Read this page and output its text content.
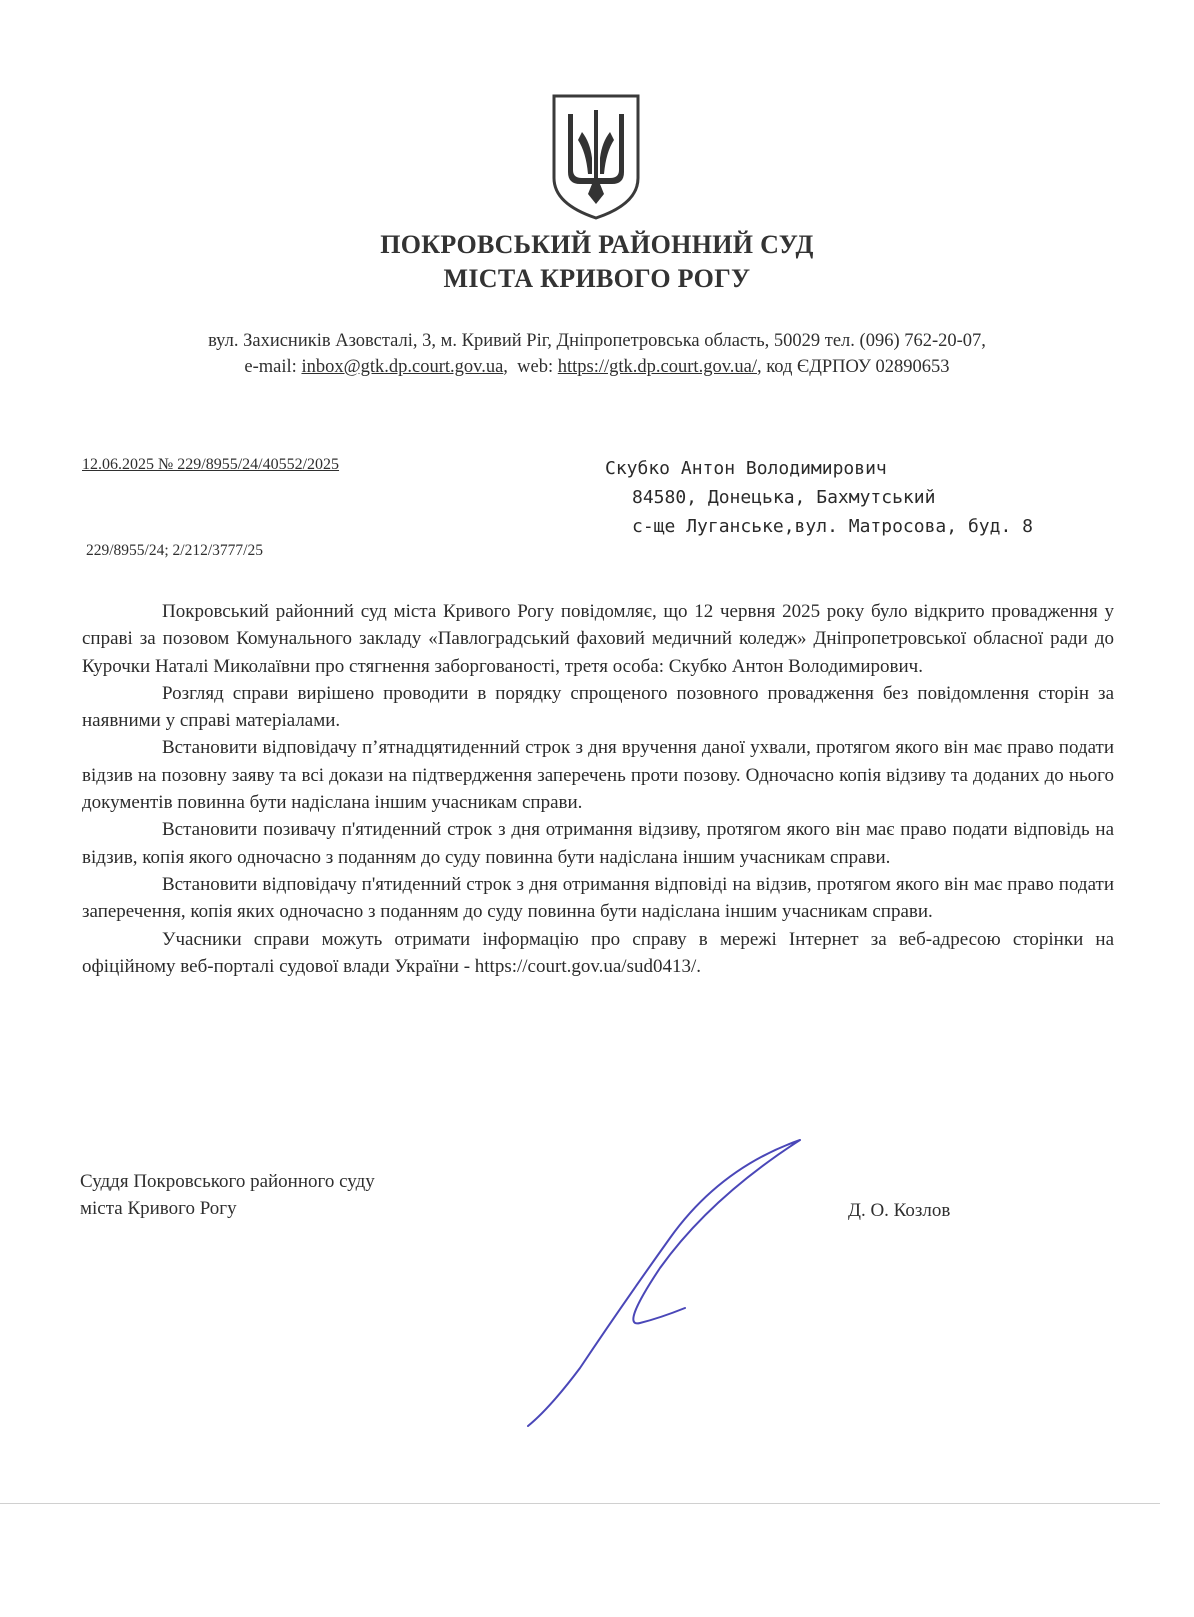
ПОКРОВСЬКИЙ РАЙОННИЙ СУД
МІСТА КРИВОГО РОГУ
вул. Захисників Азовсталі, 3, м. Кривий Ріг, Дніпропетровська область, 50029 тел. (096) 762-20-07,
e-mail: inbox@gtk.dp.court.gov.ua,  web: https://gtk.dp.court.gov.ua/, код ЄДРПОУ 02890653
12.06.2025 № 229/8955/24/40552/2025
229/8955/24; 2/212/3777/25
Скубко Антон Володимирович
84580, Донецька, Бахмутський
с-ще Луганське,вул. Матросова, буд. 8

Покровський районний суд міста Кривого Рогу повідомляє, що 12 червня 2025 року було відкрито провадження у справі за позовом Комунального закладу «Павлоградський фаховий медичний коледж» Дніпропетровської обласної ради до Курочки Наталі Миколаївни про стягнення заборгованості, третя особа: Скубко Антон Володимирович.

Розгляд справи вирішено проводити в порядку спрощеного позовного провадження без повідомлення сторін за наявними у справі матеріалами.

Встановити відповідачу п’ятнадцятиденний строк з дня вручення даної ухвали, протягом якого він має право подати відзив на позовну заяву та всі докази на підтвердження заперечень проти позову. Одночасно копія відзиву та доданих до нього документів повинна бути надіслана іншим учасникам справи.

Встановити позивачу п'ятиденний строк з дня отримання відзиву, протягом якого він має право подати відповідь на відзив, копія якого одночасно з поданням до суду повинна бути надіслана іншим учасникам справи.

Встановити відповідачу п'ятиденний строк з дня отримання відповіді на відзив, протягом якого він має право подати заперечення, копія яких одночасно з поданням до суду повинна бути надіслана іншим учасникам справи.

Учасники справи можуть отримати інформацію про справу в мережі Інтернет за веб-адресою сторінки на офіційному веб-порталі судової влади України - https://court.gov.ua/sud0413/.

Суддя Покровського районного суду
міста Кривого Рогу	Д. О. Козлов
